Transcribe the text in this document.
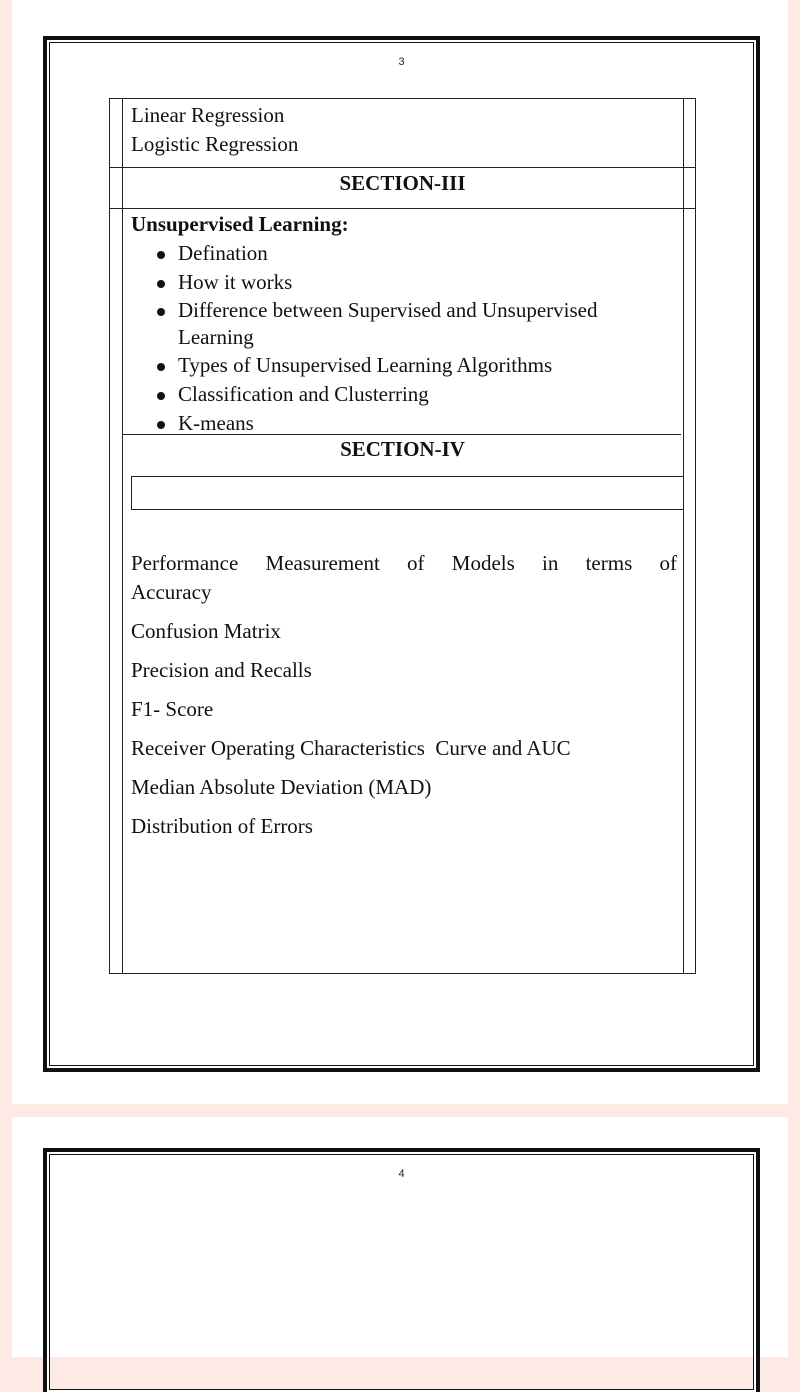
3
Linear Regression
Logistic Regression
SECTION-III
Unsupervised Learning:
Defination
How it works
Difference between Supervised and Unsupervised Learning
Types of Unsupervised Learning Algorithms
Classification and Clusterring
K-means
SECTION-IV
Performance Measurement of Models in terms of
Accuracy
Confusion Matrix
Precision and Recalls
F1- Score
Receiver Operating Characteristics  Curve and AUC
Median Absolute Deviation (MAD)
Distribution of Errors
4
